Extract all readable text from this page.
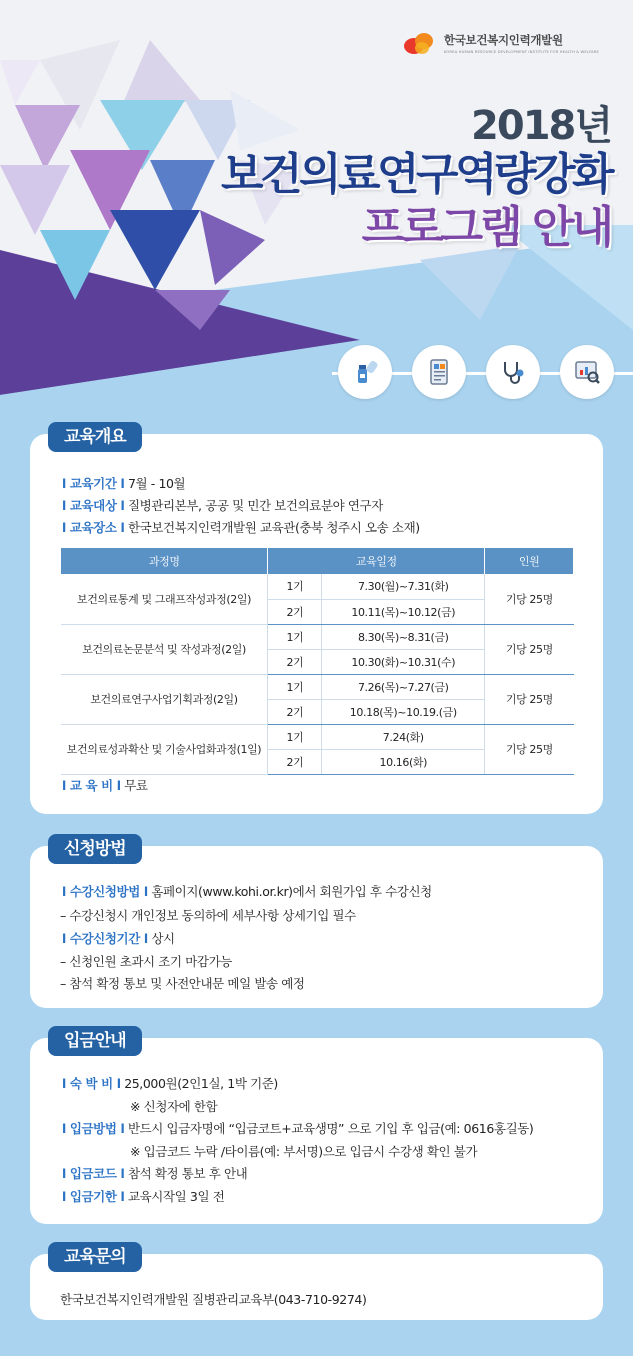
한국보건복지인력개발원
KOREA HUMAN RESOURCE DEVELOPMENT INSTITUTE FOR HEALTH & WELFARE
2018년
보건의료연구역량강화
프로그램 안내
교육개요
l 교육기간 l 7월 - 10월
l 교육대상 l 질병관리본부, 공공 및 민간 보건의료분야 연구자
l 교육장소 l 한국보건복지인력개발원 교육관(충북 청주시 오송 소재)
과정명	교육일정		인원
보건의료통계 및 그래프작성과정(2일)	1기	7.30(월)~7.31(화)	기당 25명
	2기	10.11(목)~10.12(금)	
보건의료논문분석 및 작성과정(2일)	1기	8.30(목)~8.31(금)	기당 25명
	2기	10.30(화)~10.31(수)	
보건의료연구사업기획과정(2일)	1기	7.26(목)~7.27(금)	기당 25명
	2기	10.18(목)~10.19.(금)	
보건의료성과확산 및 기술사업화과정(1일)	1기	7.24(화)	기당 25명
	2기	10.16(화)	
l 교 육 비 l 무료
신청방법
l 수강신청방법 l 홈페이지(www.kohi.or.kr)에서 회원가입 후 수강신청
– 수강신청시 개인정보 동의하에 세부사항 상세기입 필수
l 수강신청기간 l 상시
– 신청인원 초과시 조기 마감가능
– 참석 확정 통보 및 사전안내문 메일 발송 예정
입금안내
l 숙 박 비 l 25,000원(2인1실, 1박 기준)
※ 신청자에 한함
l 입금방법 l 반드시 입금자명에 “입금코트+교육생명” 으로 기입 후 입금(예: 0616홍길동)
※ 입금코드 누락 /타이름(예: 부서명)으로 입금시 수강생 확인 불가
l 입금코드 l 참석 확정 통보 후 안내
l 입금기한 l 교육시작일 3일 전
교육문의
한국보건복지인력개발원 질병관리교육부(043-710-9274)
